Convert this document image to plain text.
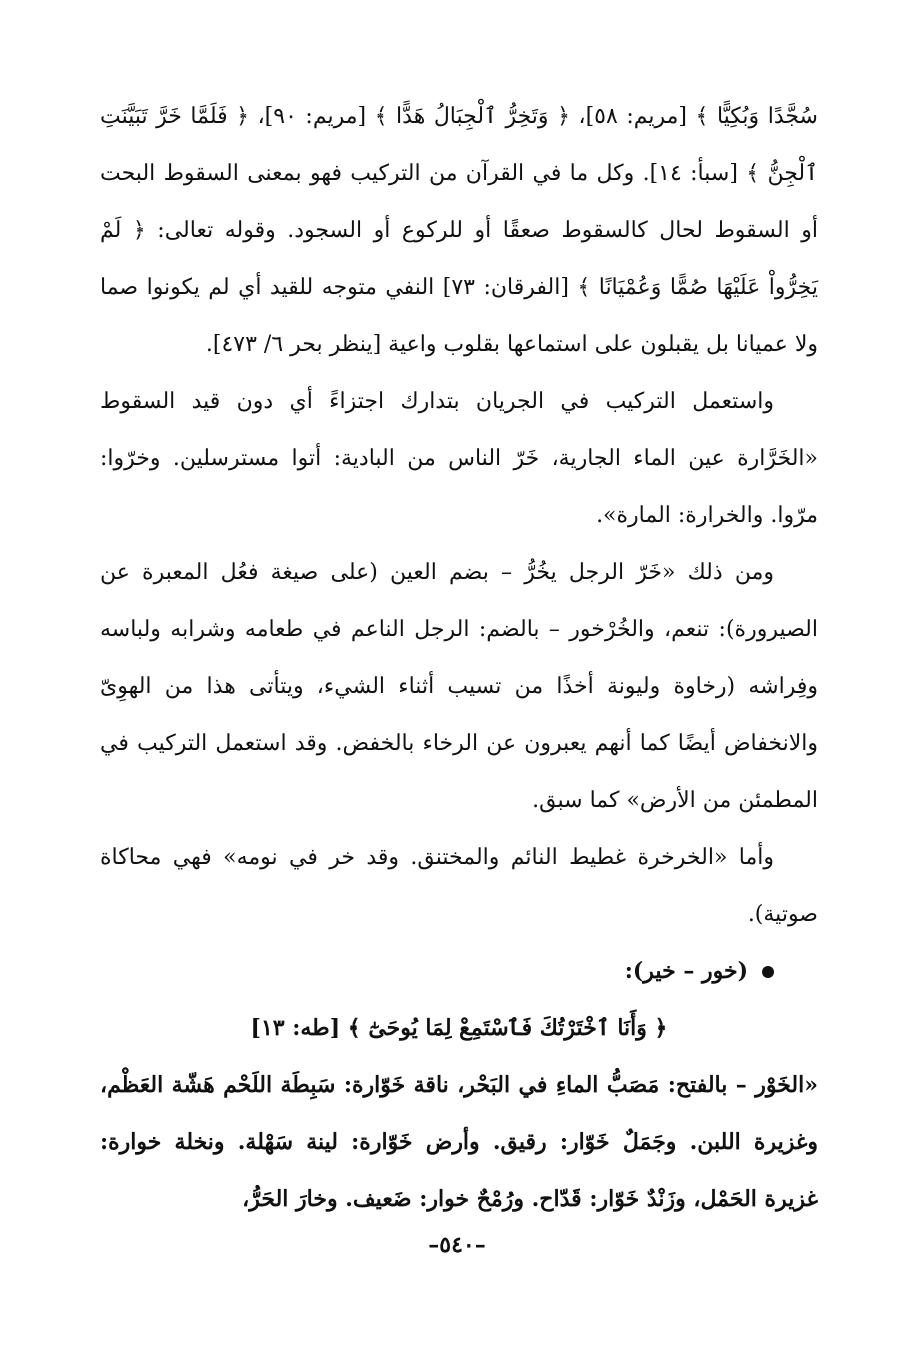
سُجَّدًا وَبُكِيًّا ﴾ [مريم: ٥٨]، ﴿ وَتَخِرُّ ٱلْجِبَالُ هَدًّا ﴾ [مريم: ٩٠]، ﴿ فَلَمَّا خَرَّ تَبَيَّنَتِ ٱلْجِنُّ ﴾ [سبأ: ١٤]. وكل ما في القرآن من التركيب فهو بمعنى السقوط البحت أو السقوط لحال كالسقوط صعقًا أو للركوع أو السجود. وقوله تعالى: ﴿ لَمْ يَخِرُّواْ عَلَيْهَا صُمًّا وَعُمْيَانًا ﴾ [الفرقان: ٧٣] النفي متوجه للقيد أي لم يكونوا صما ولا عميانا بل يقبلون على استماعها بقلوب واعية [ينظر بحر ٦/ ٤٧٣].

واستعمل التركيب في الجريان بتدارك اجتزاءً أي دون قيد السقوط «الخَرَّارة عين الماء الجارية، خَرّ الناس من البادية: أتوا مسترسلين. وخرّوا: مرّوا. والخرارة: المارة».

ومن ذلك «خَرّ الرجل يخُرُّ – بضم العين (على صيغة فعُل المعبرة عن الصيرورة): تنعم، والخُرْخور – بالضم: الرجل الناعم في طعامه وشرابه ولباسه وفِراشه (رخاوة وليونة أخذًا من تسيب أثناء الشيء، ويتأتى هذا من الهوِىّ والانخفاض أيضًا كما أنهم يعبرون عن الرخاء بالخفض. وقد استعمل التركيب في المطمئن من الأرض» كما سبق.

وأما «الخرخرة غطيط النائم والمختنق. وقد خر في نومه» فهي محاكاة صوتية).

(خور – خير):

﴿ وَأَنَا ٱخْتَرْتُكَ فَٱسْتَمِعْ لِمَا يُوحَىٰٓ ﴾ [طه: ١٣]

«الخَوْر – بالفتح: مَصَبُّ الماءِ في البَحْر، ناقة خَوّارة: سَبِطَة اللَحْم هَشّة العَظْم، وغزيرة اللبن. وجَمَلٌ خَوّار: رقيق. وأرض خَوّارة: لينة سَهْلة. ونخلة خوارة: غزيرة الحَمْل، وزَنْدٌ خَوّار: قَدّاح. ورُمْحٌ خوار: ضَعيف. وخارَ الحَرُّ،

–٥٤٠–
